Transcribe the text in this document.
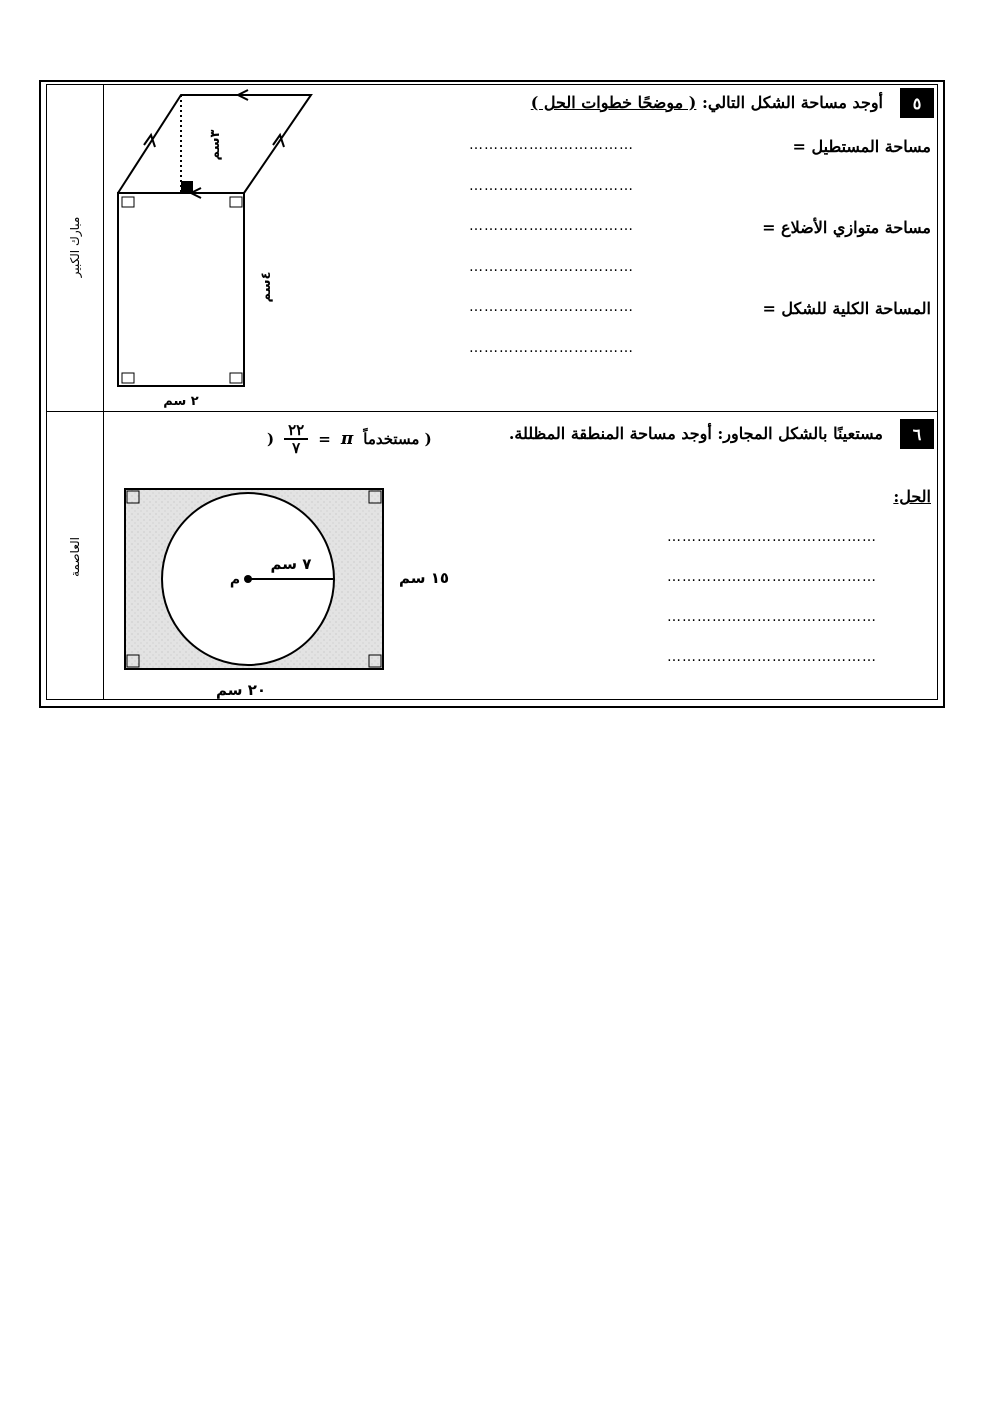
مبارك الكبير
العاصمة
٥
أوجد مساحة الشكل التالي: ( موضحًا خطوات الحل )
مساحة المستطيل =
……………………………
……………………………
مساحة متوازي الأضلاع =
……………………………
……………………………
المساحة الكلية للشكل =
……………………………
……………………………
٣سم
٤سم
٢ سم
٦
مستعينًا بالشكل المجاور: أوجد مساحة المنطقة المظللة.
)
٢٢
٧ = π ( مستخدماً
الحل:
……………………………………
……………………………………
……………………………………
……………………………………
٧ سم
م	١٥ سم
٢٠ سم
